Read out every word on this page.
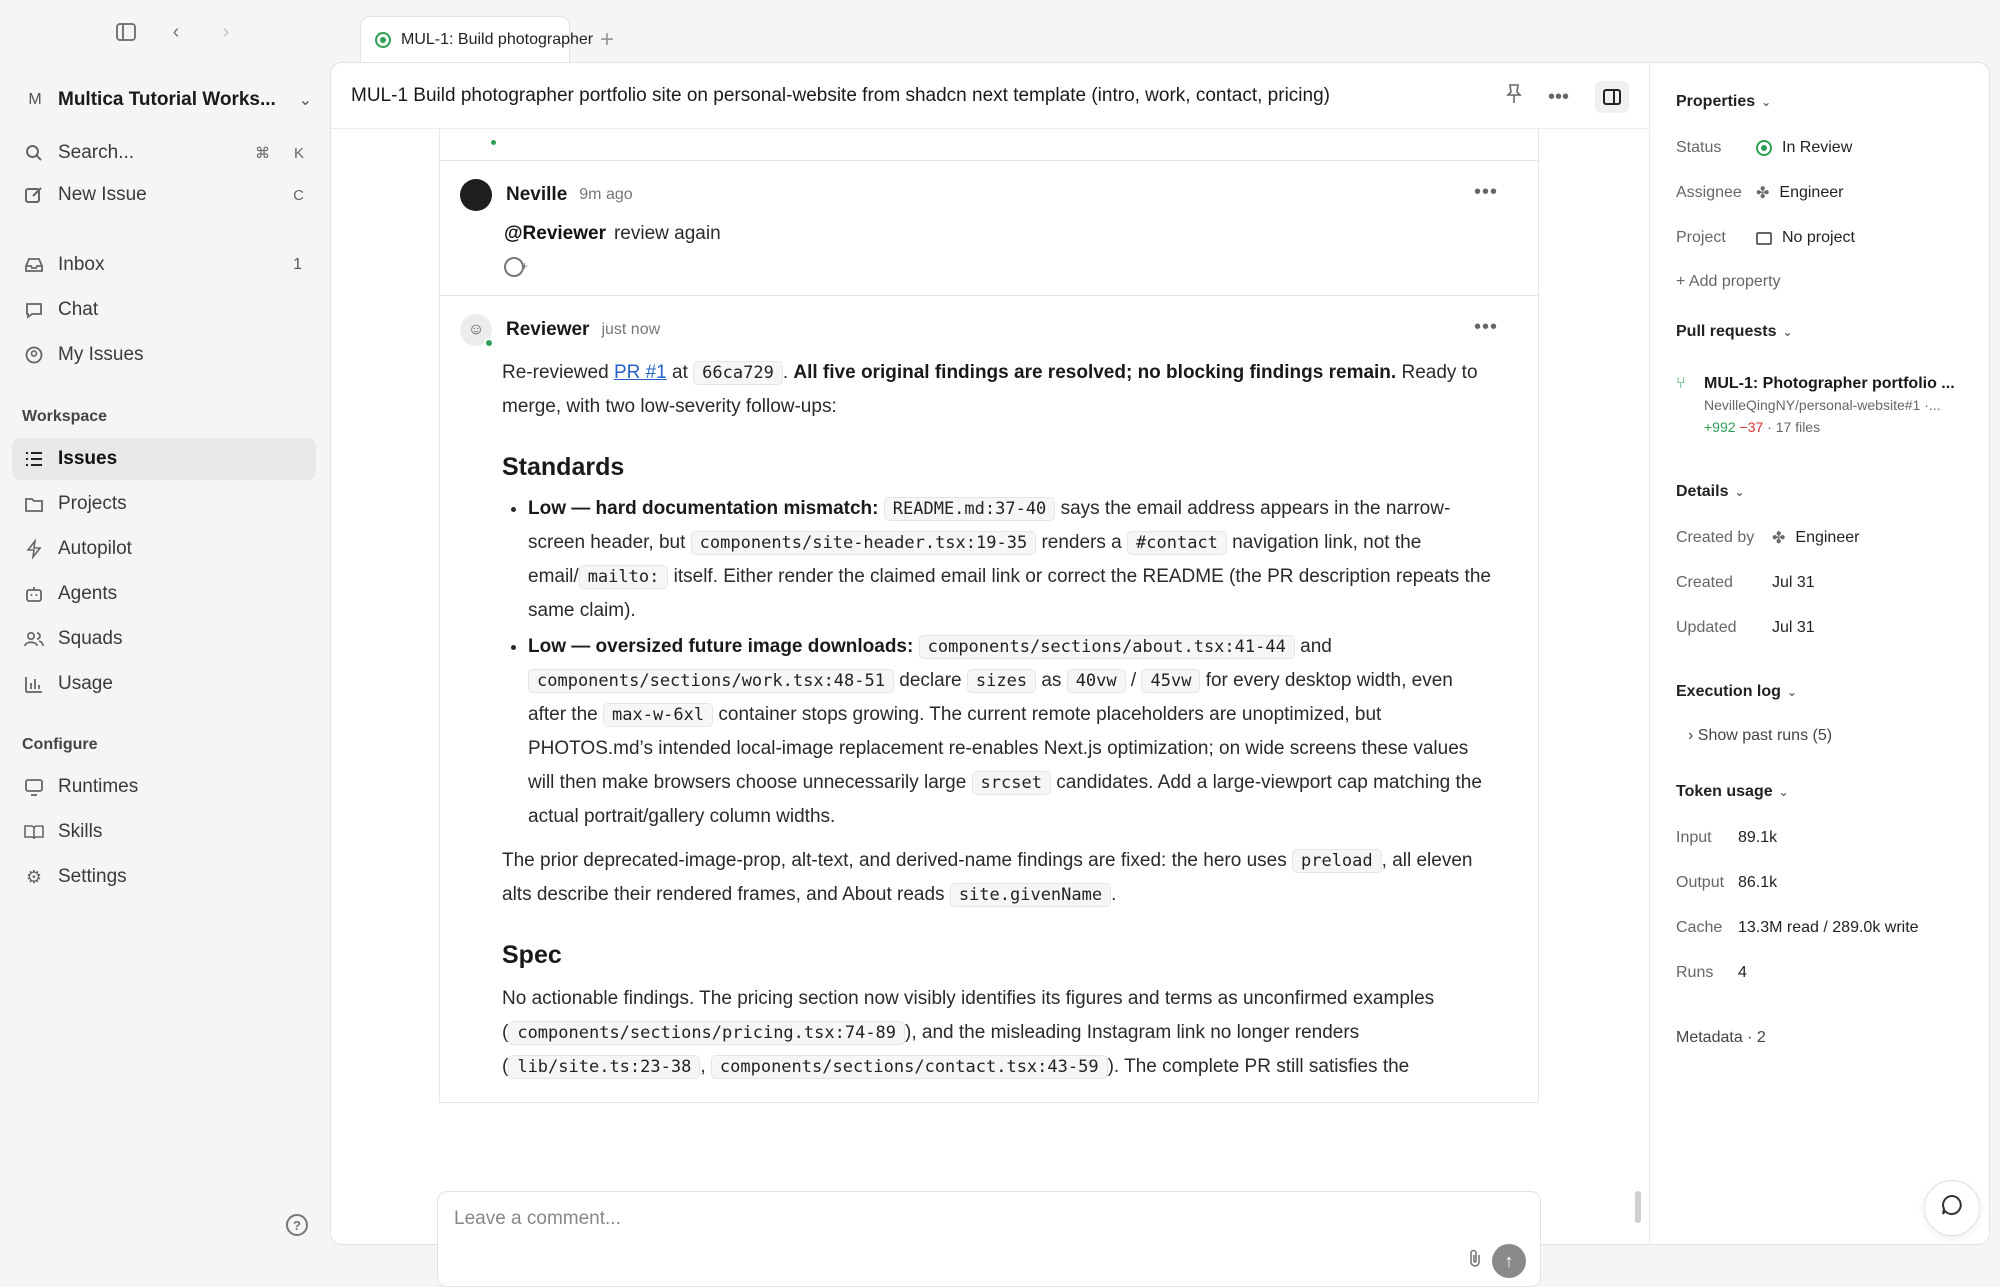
‹	›
M Multica Tutorial Works... ⌄
Search...	⌘ K
New Issue	C
Inbox	1
Chat
My Issues
Workspace
Issues
Projects
Autopilot
Agents
Squads
Usage
Configure
Runtimes
Skills
⚙ Settings
?
MUL-1: Build photographer +
MUL-1 Build photographer portfolio site on personal-website from shadcn next template (intro, work, contact, pricing)	•••
Neville 9m ago	•••
@Reviewer review again
+
☺ Reviewer just now	•••

Re-reviewed PR #1 at 66ca729 . All five original findings are resolved; no blocking findings remain. Ready to merge, with two low-severity follow-ups:

Standards
• Low — hard documentation mismatch: README.md:37-40 says the email address appears in the narrow-screen header, but components/site-header.tsx:19-35 renders a #contact navigation link, not the email/ mailto: itself. Either render the claimed email link or correct the README (the PR description repeats the same claim).
• Low — oversized future image downloads: components/sections/about.tsx:41-44 and components/sections/work.tsx:48-51 declare sizes as 40vw / 45vw for every desktop width, even after the max-w-6xl container stops growing. The current remote placeholders are unoptimized, but PHOTOS.md’s intended local-image replacement re-enables Next.js optimization; on wide screens these values will then make browsers choose unnecessarily large srcset candidates. Add a large-viewport cap matching the actual portrait/gallery column widths.

The prior deprecated-image-prop, alt-text, and derived-name findings are fixed: the hero uses preload , all eleven alts describe their rendered frames, and About reads site.givenName .

Spec

No actionable findings. The pricing section now visibly identifies its figures and terms as unconfirmed examples ( components/sections/pricing.tsx:74-89 ), and the misleading Instagram link no longer renders ( lib/site.ts:23-38 , components/sections/contact.tsx:43-59 ). The complete PR still satisfies the

Leave a comment...
↑
Properties ⌄
Status	In Review
Assignee ✤ Engineer
Project	No project
+ Add property
Pull requests ⌄
⑂	MUL-1: Photographer portfolio ...
NevilleQingNY/personal-website#1 ·...
+992 −37 · 17 files
Details ⌄
Created by	✤ Engineer
Created	Jul 31
Updated	Jul 31
Execution log ⌄
› Show past runs (5)
Token usage ⌄
Input	89.1k
Output 86.1k
Cache 13.3M read / 289.0k write
Runs	4
Metadata · 2
